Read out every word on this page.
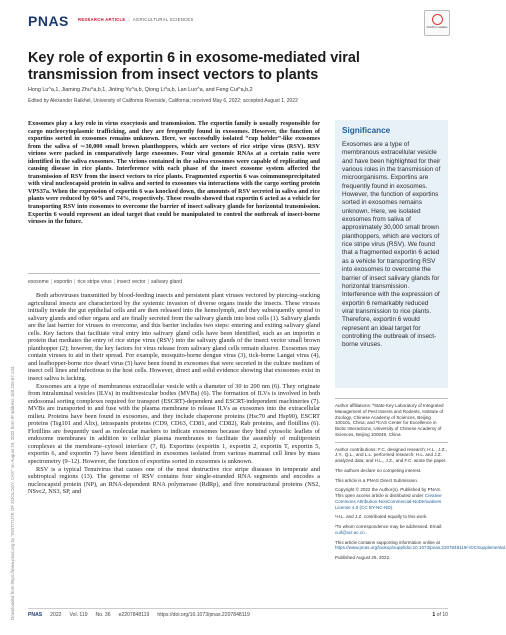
PNAS RESEARCH ARTICLE | AGRICULTURAL SCIENCES
Check for updates
Key role of exportin 6 in exosome-mediated viral transmission from insect vectors to plants
Hong Lu^a,1, Jiaming Zhu^a,b,1, Jinting Yu^a,b, Qiong Li^a,b, Lan Luo^a, and Feng Cui^a,b,2
Edited by Alexander Raikhel, University of California Riverside, California; received May 6, 2022; accepted August 1, 2022

Exosomes play a key role in virus exocytosis and transmission. The exportin family is usually responsible for cargo nucleocytoplasmic trafficking, and they are frequently found in exosomes. However, the function of exportins sorted in exosomes remains unknown. Here, we successfully isolated “cup holder”-like exosomes from the saliva of ∼30,000 small brown planthoppers, which are vectors of rice stripe virus (RSV). RSV virions were packed in comparatively large exosomes. Four viral genomic RNAs at a certain ratio were identified in the saliva exosomes. The virions contained in the saliva exosomes were capable of replicating and causing disease in rice plants. Interference with each phase of the insect exosome system affected the transmission of RSV from the insect vectors to rice plants. Fragmented exportin 6 was coimmunoprecipitated with viral nucleocapsid protein in saliva and sorted to exosomes via interactions with the cargo sorting protein VPS37a. When the expression of exportin 6 was knocked down, the amounts of RSV secreted in saliva and rice plants were reduced by 60% and 74%, respectively. These results showed that exportin 6 acted as a vehicle for transporting RSV into exosomes to overcome the barrier of insect salivary glands for horizontal transmission. Exportin 6 would represent an ideal target that could be manipulated to control the outbreak of insect-borne viruses in the future.

exosome | exportin | rice stripe virus | insect vector | salivary gland

Both arboviruses transmitted by blood-feeding insects and persistent plant viruses vectored by piercing–sucking agricultural insects are characterized by the systemic invasion of diverse organs inside the insects. These viruses initially invade the gut epithelial cells and are then released into the hemolymph, and they subsequently spread to salivary glands and other organs and are finally secreted from the salivary glands into host cells (1). Salivary glands are the last barrier for viruses to overcome, and this barrier includes two steps: entering and exiting salivary gland cells. Key factors that facilitate viral entry into salivary gland cells have been identified, such as an importin α protein that mediates the entry of rice stripe virus (RSV) into the salivary glands of the insect vector small brown planthopper (2); however, the key factors for virus release from salivary gland cells remain elusive. Exosomes may contain viruses to aid in their spread. For example, mosquito-borne dengue virus (3), tick-borne Langat virus (4), and leafhopper-borne rice dwarf virus (5) have been found in exosomes that were secreted in the culture medium of insect cell lines and infectious to the host cells. However, direct and solid evidence showing that exosomes exist in insect saliva is lacking.

Exosomes are a type of membranous extracellular vesicle with a diameter of 30 to 200 nm (6). They originate from intraluminal vesicles (ILVs) in multivesicular bodies (MVBs) (6). The formation of ILVs is involved in both endosomal sorting complexes required for transport (ESCRT)-dependent and ESCRT-independent machineries (7). MVBs are transported to and fuse with the plasma membrane to release ILVs as exosomes into the extracellular milieu. Proteins have been found in exosomes, and they include chaperone proteins (Hsc70 and Hsp90), ESCRT proteins (Tsg101 and Alix), tetraspanin proteins (CD9, CD63, CD81, and CD82), Rab proteins, and flotillins (6). Flotillins are frequently used as molecular markers to indicate exosomes because they bind cytosolic leaflets of endosome membranes in addition to cellular plasma membranes to facilitate the assembly of multiprotein complexes at the membrane–cytosol interface (7, 8). Exportins (exportin 1, exportin 2, exportin T, exportin 5, exportin 6, and exportin 7) have been identified in exosomes isolated from various mammal cell lines by mass spectrometry (9–12). However, the function of exportins sorted in exosomes is unknown.

RSV is a typical Tenuivirus that causes one of the most destructive rice stripe diseases in temperate and subtropical regions (13). The genome of RSV contains four single-stranded RNA segments and encodes a nucleocapsid protein (NP), an RNA-dependent RNA polymerase (RdRp), and five nonstructural proteins (NS2, NSvc2, NS3, SP, and

Significance
Exosomes are a type of membranous extracellular vesicle and have been highlighted for their various roles in the transmission of microorganisms. Exportins are frequently found in exosomes. However, the function of exportins sorted in exosomes remains unknown. Here, we isolated exosomes from saliva of approximately 30,000 small brown planthoppers, which are vectors of rice stripe virus (RSV). We found that a fragmented exportin 6 acted as a vehicle for transporting RSV into exosomes to overcome the barrier of insect salivary glands for horizontal transmission. Interference with the expression of exportin 6 remarkably reduced viral transmission to rice plants. Therefore, exportin 6 would represent an ideal target for controlling the outbreak of insect-borne viruses.

Author affiliations: ªState Key Laboratory of Integrated Management of Pest Insects and Rodents, Institute of Zoology, Chinese Academy of Sciences, Beijing 100101, China; and ᵇCAS Center for Excellence in Biotic Interactions, University of Chinese Academy of Sciences, Beijing 100049, China

Author contributions: F.C. designed research; H.L., J.Z., J.Y., Q.L., and L.L. performed research; H.L. and J.Z. analyzed data; and H.L., J.Z., and F.C. wrote the paper.

The authors declare no competing interest.

This article is a PNAS Direct Submission.

Copyright © 2022 the Author(s). Published by PNAS. This open access article is distributed under Creative Commons Attribution-NonCommercial-NoDerivatives License 4.0 (CC BY-NC-ND).

¹H.L. and J.Z. contributed equally to this work.

²To whom correspondence may be addressed. Email: cuif@ioz.ac.cn.

This article contains supporting information online at https://www.pnas.org/lookup/suppl/doi:10.1073/pnas.2207848119/-/DCSupplemental.

Published August 29, 2022.

Downloaded from https://www.pnas.org by "INSTITUTE OF ZOOLOGY, CAS" on August 29, 2022 from IP address 159.226.67.143.	PNAS 2022 Vol. 119 No. 36 e2207848119 https://doi.org/10.1073/pnas.2207848119	1 of 10
